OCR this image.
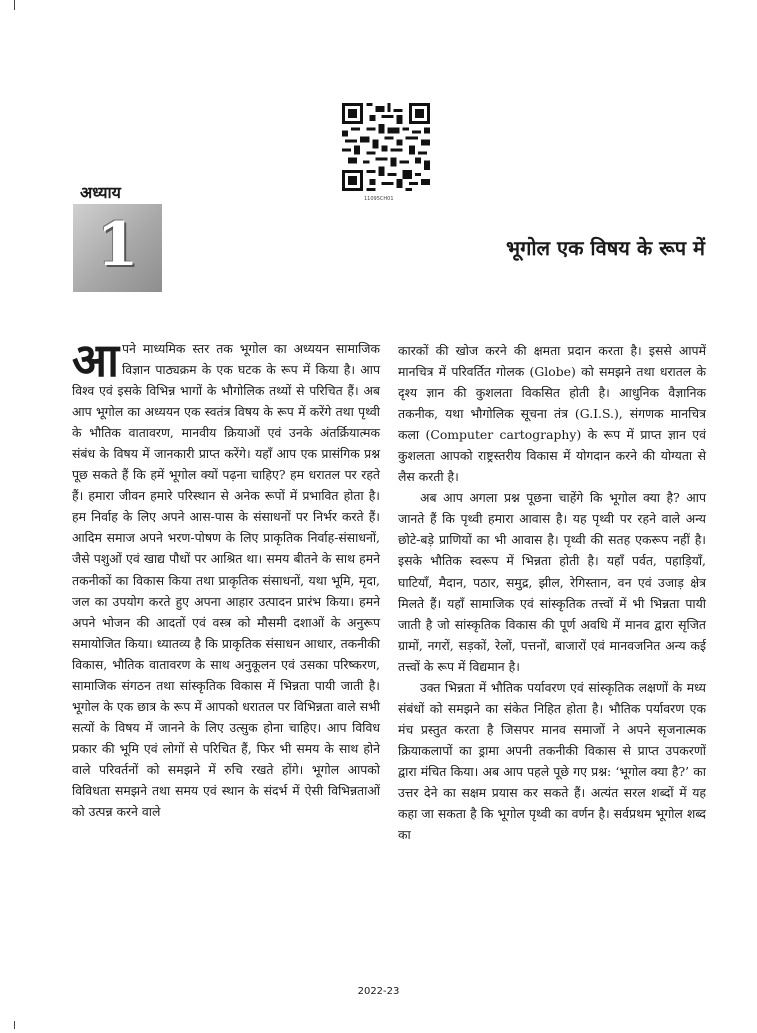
11095CH01
अध्याय
1	भूगोल एक विषय के रूप में

आपने माध्यमिक स्तर तक भूगोल का अध्ययन सामाजिक विज्ञान पाठ्यक्रम के एक घटक के रूप में किया है। आप विश्व एवं इसके विभिन्न भागों के भौगोलिक तथ्यों से परिचित हैं। अब आप भूगोल का अध्ययन एक स्वतंत्र विषय के रूप में करेंगे तथा पृथ्वी के भौतिक वातावरण, मानवीय क्रियाओं एवं उनके अंतर्क्रियात्मक संबंध के विषय में जानकारी प्राप्त करेंगे। यहाँ आप एक प्रासंगिक प्रश्न पूछ सकते हैं कि हमें भूगोल क्यों पढ़ना चाहिए? हम धरातल पर रहते हैं। हमारा जीवन हमारे परिस्थान से अनेक रूपों में प्रभावित होता है। हम निर्वाह के लिए अपने आस-पास के संसाधनों पर निर्भर करते हैं। आदिम समाज अपने भरण-पोषण के लिए प्राकृतिक निर्वाह-संसाधनों, जैसे पशुओं एवं खाद्य पौधों पर आश्रित था। समय बीतने के साथ हमने तकनीकों का विकास किया तथा प्राकृतिक संसाधनों, यथा भूमि, मृदा, जल का उपयोग करते हुए अपना आहार उत्पादन प्रारंभ किया। हमने अपने भोजन की आदतों एवं वस्त्र को मौसमी दशाओं के अनुरूप समायोजित किया। ध्यातव्य है कि प्राकृतिक संसाधन आधार, तकनीकी विकास, भौतिक वातावरण के साथ अनुकूलन एवं उसका परिष्करण, सामाजिक संगठन तथा सांस्कृतिक विकास में भिन्नता पायी जाती है। भूगोल के एक छात्र के रूप में आपको धरातल पर विभिन्नता वाले सभी सत्यों के विषय में जानने के लिए उत्सुक होना चाहिए। आप विविध प्रकार की भूमि एवं लोगों से परिचित हैं, फिर भी समय के साथ होने वाले परिवर्तनों को समझने में रुचि रखते होंगे। भूगोल आपको विविधता समझने तथा समय एवं स्थान के संदर्भ में ऐसी विभिन्नताओं को उत्पन्न करने वाले

कारकों की खोज करने की क्षमता प्रदान करता है। इससे आपमें मानचित्र में परिवर्तित गोलक (Globe) को समझने तथा धरातल के दृश्य ज्ञान की कुशलता विकसित होती है। आधुनिक वैज्ञानिक तकनीक, यथा भौगोलिक सूचना तंत्र (G.I.S.), संगणक मानचित्र कला (Computer cartography) के रूप में प्राप्त ज्ञान एवं कुशलता आपको राष्ट्रस्तरीय विकास में योगदान करने की योग्यता से लैस करती है।

अब आप अगला प्रश्न पूछना चाहेंगे कि भूगोल क्या है? आप जानते हैं कि पृथ्वी हमारा आवास है। यह पृथ्वी पर रहने वाले अन्य छोटे-बड़े प्राणियों का भी आवास है। पृथ्वी की सतह एकरूप नहीं है। इसके भौतिक स्वरूप में भिन्नता होती है। यहाँ पर्वत, पहाड़ियाँ, घाटियाँ, मैदान, पठार, समुद्र, झील, रेगिस्तान, वन एवं उजाड़ क्षेत्र मिलते हैं। यहाँ सामाजिक एवं सांस्कृतिक तत्त्वों में भी भिन्नता पायी जाती है जो सांस्कृतिक विकास की पूर्ण अवधि में मानव द्वारा सृजित ग्रामों, नगरों, सड़कों, रेलों, पत्तनों, बाजारों एवं मानवजनित अन्य कई तत्त्वों के रूप में विद्यमान है।

उक्त भिन्नता में भौतिक पर्यावरण एवं सांस्कृतिक लक्षणों के मध्य संबंधों को समझने का संकेत निहित होता है। भौतिक पर्यावरण एक मंच प्रस्तुत करता है जिसपर मानव समाजों ने अपने सृजनात्मक क्रियाकलापों का ड्रामा अपनी तकनीकी विकास से प्राप्त उपकरणों द्वारा मंचित किया। अब आप पहले पूछे गए प्रश्न: ‘भूगोल क्या है?’ का उत्तर देने का सक्षम प्रयास कर सकते हैं। अत्यंत सरल शब्दों में यह कहा जा सकता है कि भूगोल पृथ्वी का वर्णन है। सर्वप्रथम भूगोल शब्द का

2022-23
